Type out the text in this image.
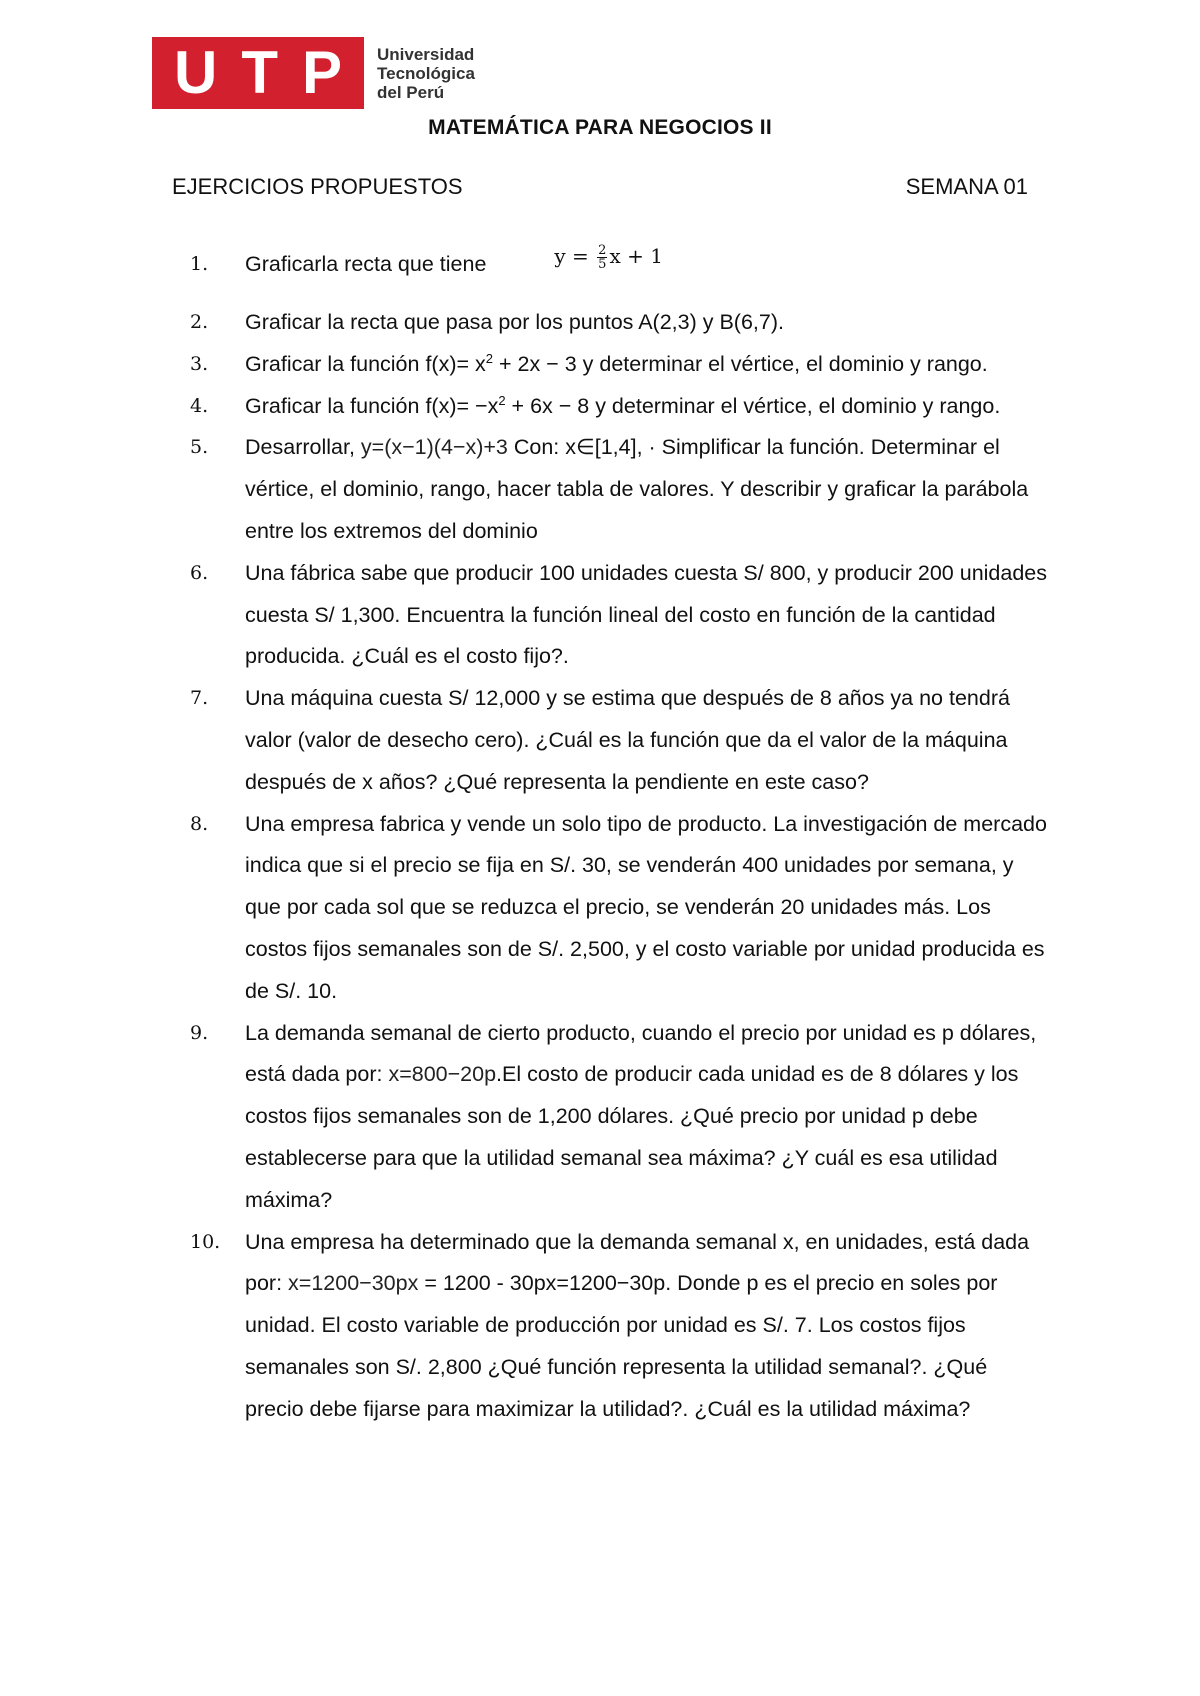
U T P Universidad
Tecnológica
del Perú
MATEMÁTICA PARA NEGOCIOS II
EJERCICIOS PROPUESTOS	SEMANA 01
1.	Graficarla recta que tiene	y =
$\frac{2}{5}$ x + 1
2.	Graficar la recta que pasa por los puntos A(2,3) y B(6,7).
3.	Graficar la función $f(x)= x^2 + 2x - 3$ y determinar el vértice, el dominio y rango.
4.	Graficar la función $f(x)= -x^2 + 6x - 8$ y determinar el vértice, el dominio y rango.
5.	Desarrollar, y=(x−1)(4−x)+3 Con: x∈[1,4], · Simplificar la función. Determinar el vértice, el dominio, rango, hacer tabla de valores. Y describir y graficar la parábola entre los extremos del dominio
6.	Una fábrica sabe que producir 100 unidades cuesta S/ 800, y producir 200 unidades cuesta S/ 1,300. Encuentra la función lineal del costo en función de la cantidad producida. ¿Cuál es el costo fijo?.
7.	Una máquina cuesta S/ 12,000 y se estima que después de 8 años ya no tendrá valor (valor de desecho cero). ¿Cuál es la función que da el valor de la máquina después de x años? ¿Qué representa la pendiente en este caso?
8.	Una empresa fabrica y vende un solo tipo de producto. La investigación de mercado indica que si el precio se fija en S/. 30, se venderán 400 unidades por semana, y que por cada sol que se reduzca el precio, se venderán 20 unidades más. Los costos fijos semanales son de S/. 2,500, y el costo variable por unidad producida es de S/. 10.
9.	La demanda semanal de cierto producto, cuando el precio por unidad es p dólares, está dada por: x=800−20p.El costo de producir cada unidad es de 8 dólares y los costos fijos semanales son de 1,200 dólares. ¿Qué precio por unidad p debe establecerse para que la utilidad semanal sea máxima? ¿Y cuál es esa utilidad máxima?
10.	Una empresa ha determinado que la demanda semanal x, en unidades, está dada por: x=1200−30px = 1200 - 30px=1200−30p. Donde p es el precio en soles por unidad. El costo variable de producción por unidad es S/. 7. Los costos fijos semanales son S/. 2,800 ¿Qué función representa la utilidad semanal?. ¿Qué precio debe fijarse para maximizar la utilidad?. ¿Cuál es la utilidad máxima?
